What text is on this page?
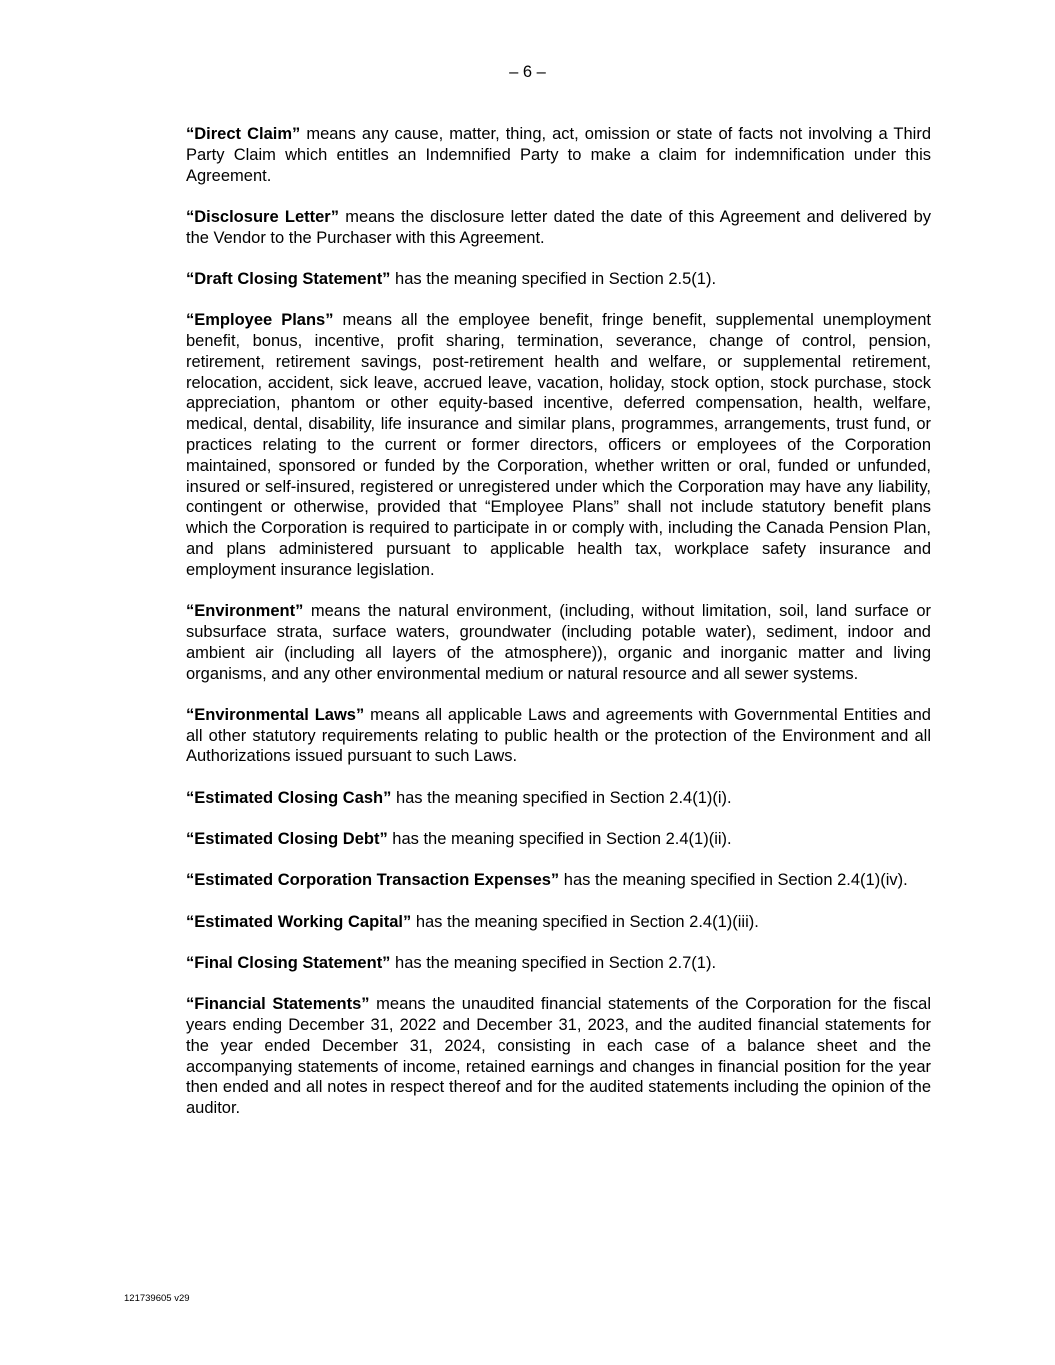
– 6 –

“Direct Claim” means any cause, matter, thing, act, omission or state of facts not involving a Third Party Claim which entitles an Indemnified Party to make a claim for indemnification under this Agreement.

“Disclosure Letter” means the disclosure letter dated the date of this Agreement and delivered by the Vendor to the Purchaser with this Agreement.

“Draft Closing Statement” has the meaning specified in Section 2.5(1).

“Employee Plans” means all the employee benefit, fringe benefit, supplemental unemployment benefit, bonus, incentive, profit sharing, termination, severance, change of control, pension, retirement, retirement savings, post-retirement health and welfare, or supplemental retirement, relocation, accident, sick leave, accrued leave, vacation, holiday, stock option, stock purchase, stock appreciation, phantom or other equity-based incentive, deferred compensation, health, welfare, medical, dental, disability, life insurance and similar plans, programmes, arrangements, trust fund, or practices relating to the current or former directors, officers or employees of the Corporation maintained, sponsored or funded by the Corporation, whether written or oral, funded or unfunded, insured or self-insured, registered or unregistered under which the Corporation may have any liability, contingent or otherwise, provided that “Employee Plans” shall not include statutory benefit plans which the Corporation is required to participate in or comply with, including the Canada Pension Plan, and plans administered pursuant to applicable health tax, workplace safety insurance and employment insurance legislation.

“Environment” means the natural environment, (including, without limitation, soil, land surface or subsurface strata, surface waters, groundwater (including potable water), sediment, indoor and ambient air (including all layers of the atmosphere)), organic and inorganic matter and living organisms, and any other environmental medium or natural resource and all sewer systems.

“Environmental Laws” means all applicable Laws and agreements with Governmental Entities and all other statutory requirements relating to public health or the protection of the Environment and all Authorizations issued pursuant to such Laws.

“Estimated Closing Cash” has the meaning specified in Section 2.4(1)(i).

“Estimated Closing Debt” has the meaning specified in Section 2.4(1)(ii).

“Estimated Corporation Transaction Expenses” has the meaning specified in Section 2.4(1)(iv).

“Estimated Working Capital” has the meaning specified in Section 2.4(1)(iii).

“Final Closing Statement” has the meaning specified in Section 2.7(1).

“Financial Statements” means the unaudited financial statements of the Corporation for the fiscal years ending December 31, 2022 and December 31, 2023, and the audited financial statements for the year ended December 31, 2024, consisting in each case of a balance sheet and the accompanying statements of income, retained earnings and changes in financial position for the year then ended and all notes in respect thereof and for the audited statements including the opinion of the auditor.

121739605 v29
